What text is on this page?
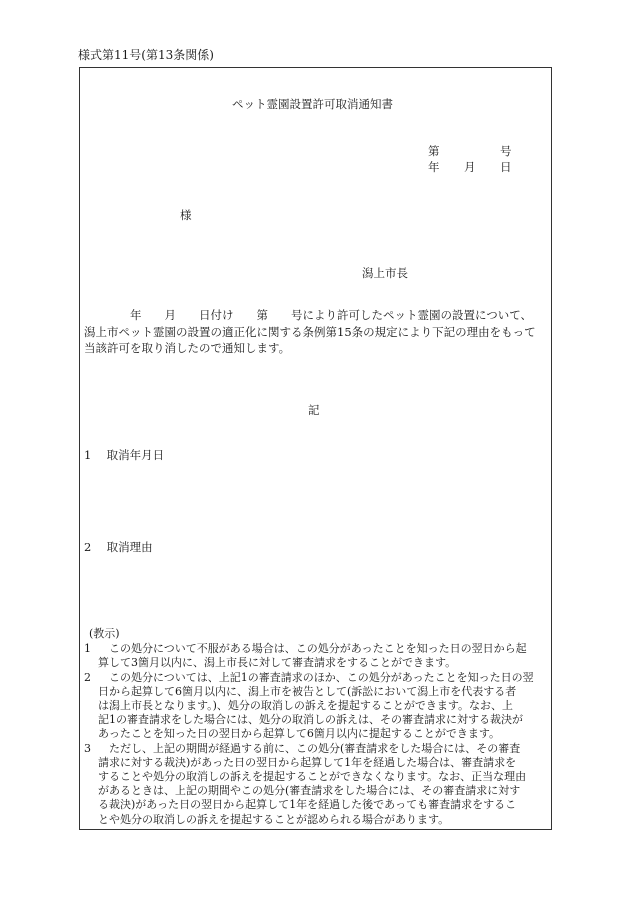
様式第11号(第13条関係)
ペット霊園設置許可取消通知書
第	号
年	月	日
様
潟上市長

　　　　年　　月　　日付け　　第　　号により許可したペット霊園の設置について、

潟上市ペット霊園の設置の適正化に関する条例第15条の規定により下記の理由をもって

当該許可を取り消したので通知します。

記
1 取消年月日
2 取消理由

(教示)

1

　	この処分について不服がある場合は、この処分があったことを知った日の翌日から起

算して3箇月以内に、潟上市長に対して審査請求をすることができます。

2

　	この処分については、上記1の審査請求のほか、この処分があったことを知った日の翌

日から起算して6箇月以内に、潟上市を被告として(訴訟において潟上市を代表する者

は潟上市長となります。)、処分の取消しの訴えを提起することができます。なお、上

記1の審査請求をした場合には、処分の取消しの訴えは、その審査請求に対する裁決が

あったことを知った日の翌日から起算して6箇月以内に提起することができます。

3

　	ただし、上記の期間が経過する前に、この処分(審査請求をした場合には、その審査

請求に対する裁決)があった日の翌日から起算して1年を経過した場合は、審査請求を

することや処分の取消しの訴えを提起することができなくなります。なお、正当な理由

があるときは、上記の期間やこの処分(審査請求をした場合には、その審査請求に対す

る裁決)があった日の翌日から起算して1年を経過した後であっても審査請求をするこ

とや処分の取消しの訴えを提起することが認められる場合があります。
